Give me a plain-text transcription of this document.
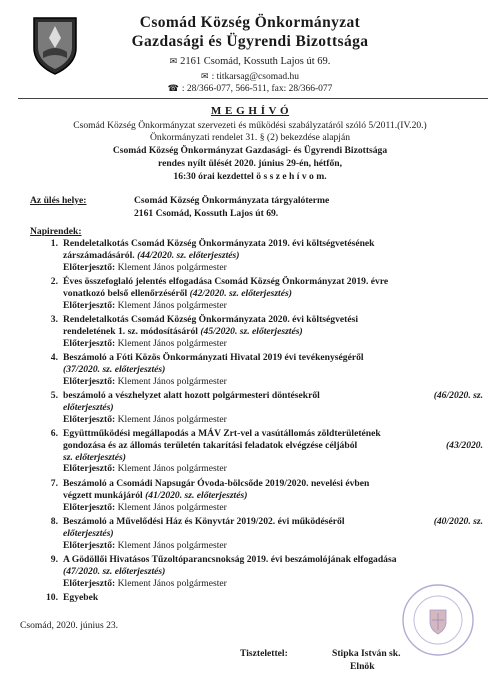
Csomád Község Önkormányzat
Gazdasági és Ügyrendi Bizottsága
✉ 2161 Csomád, Kossuth Lajos út 69.
✉ : titkarsag@csomad.hu
☎ : 28/366-077, 566-511, fax: 28/366-077
M E G H Í V Ó
Csomád Község Önkormányzat szervezeti és működési szabályzatáról szóló 5/2011.(IV.20.)
Önkormányzati rendelet 31. § (2) bekezdése alapján
Csomád Község Önkormányzat Gazdasági- és Ügyrendi Bizottsága
rendes nyílt ülését 2020. június 29-én, hétfőn,
16:30 órai kezdettel ö s s z e h í v o m.
Az ülés helye:	Csomád Község Önkormányzata tárgyalóterme
2161 Csomád, Kossuth Lajos út 69.
Napirendek:
1. Rendeletalkotás Csomád Község Önkormányzata 2019. évi költségvetésének
zárszámadásáról. (44/2020. sz. előterjesztés)
Előterjesztő: Klement János polgármester
2. Éves összefoglaló jelentés elfogadása Csomád Község Önkormányzat 2019. évre
vonatkozó belső ellenőrzéséről (42/2020. sz. előterjesztés)
Előterjesztő: Klement János polgármester
3. Rendeletalkotás Csomád Község Önkormányzata 2020. évi költségvetési
rendeletének 1. sz. módosításáról (45/2020. sz. előterjesztés)
Előterjesztő: Klement János polgármester
4. Beszámoló a Fóti Közös Önkormányzati Hivatal 2019 évi tevékenységéről
(37/2020. sz. előterjesztés)
Előterjesztő: Klement János polgármester
5. beszámoló a vészhelyzet alatt hozott polgármesteri döntésekről	(46/2020. sz.
előterjesztés)
Előterjesztő: Klement János polgármester
6. Együttműködési megállapodás a MÁV Zrt-vel a vasútállomás zöldterületének
gondozása és az állomás területén takarítási feladatok elvégzése céljából	(43/2020.
sz. előterjesztés)
Előterjesztő: Klement János polgármester
7. Beszámoló a Csomádi Napsugár Óvoda-bölcsőde 2019/2020. nevelési évben
végzett munkájáról (41/2020. sz. előterjesztés)
Előterjesztő: Klement János polgármester
8. Beszámoló a Művelődési Ház és Könyvtár 2019/202. évi működéséről	(40/2020. sz.
előterjesztés)
Előterjesztő: Klement János polgármester
9. A Gödöllői Hivatásos Tűzoltóparancsnokság 2019. évi beszámolójának elfogadása
(47/2020. sz. előterjesztés)
Előterjesztő: Klement János polgármester
10. Egyebek
Csomád, 2020. június 23.
Tisztelettel:	Stipka István sk.
Elnök
